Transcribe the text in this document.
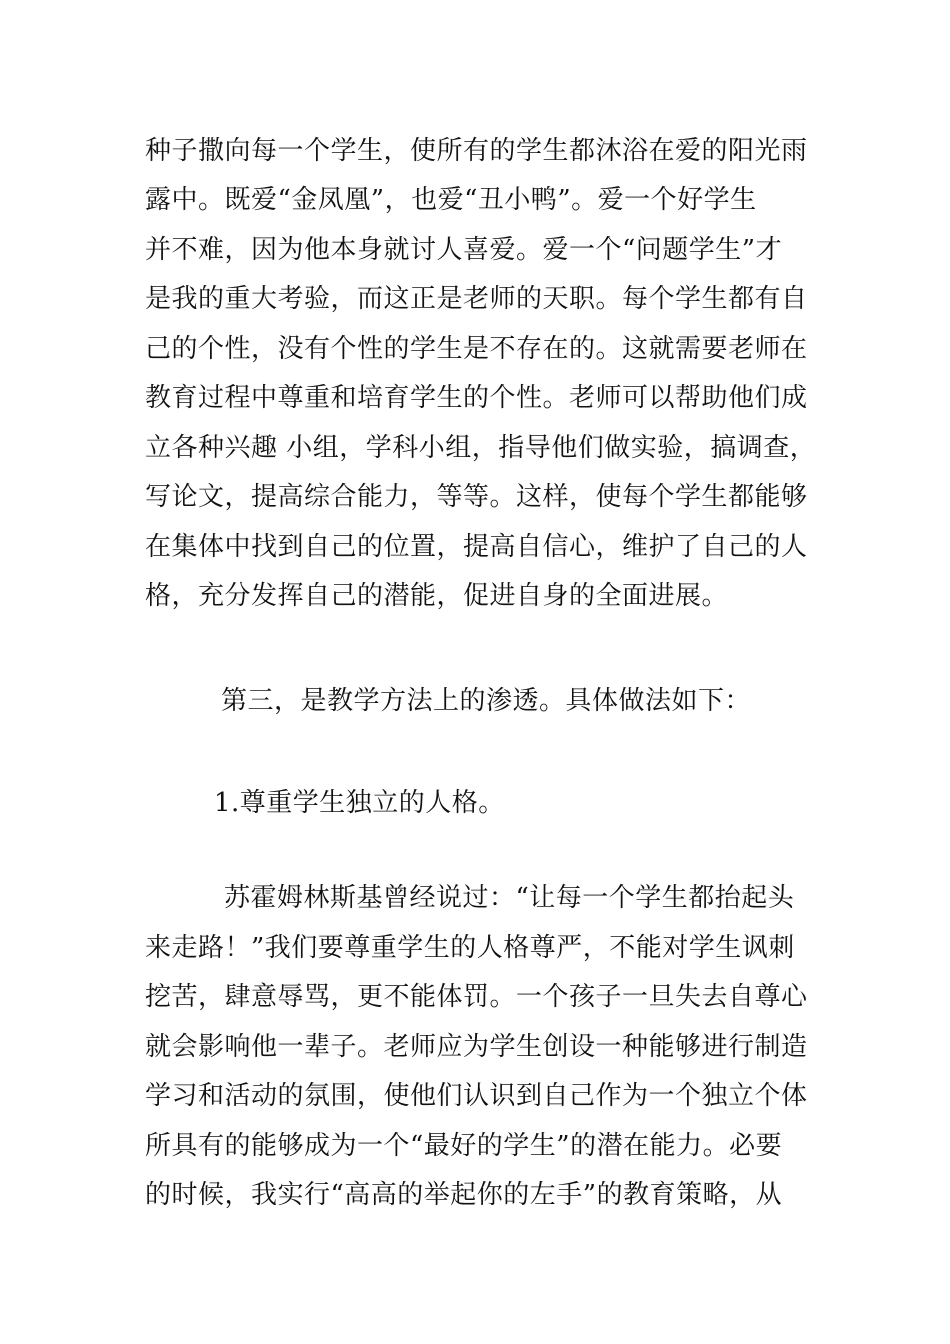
种子撒向每一个学生，使所有的学生都沐浴在爱的阳光雨
露中。既爱“金凤凰”，也爱“丑小鸭”。爱一个好学生
并不难，因为他本身就讨人喜爱。爱一个“问题学生”才
是我的重大考验，而这正是老师的天职。每个学生都有自
己的个性，没有个性的学生是不存在的。这就需要老师在
教育过程中尊重和培育学生的个性。老师可以帮助他们成
立各种兴趣 小组，学科小组，指导他们做实验，搞调查，
写论文，提高综合能力，等等。这样，使每个学生都能够
在集体中找到自己的位置，提高自信心，维护了自己的人
格，充分发挥自己的潜能，促进自身的全面进展。
第三，是教学方法上的渗透。具体做法如下：
1.尊重学生独立的人格。
苏霍姆林斯基曾经说过：“让每一个学生都抬起头
来走路！”我们要尊重学生的人格尊严，不能对学生讽刺
挖苦，肆意辱骂，更不能体罚。一个孩子一旦失去自尊心
就会影响他一辈子。老师应为学生创设一种能够进行制造
学习和活动的氛围，使他们认识到自己作为一个独立个体
所具有的能够成为一个“最好的学生”的潜在能力。必要
的时候，我实行“高高的举起你的左手”的教育策略，从
